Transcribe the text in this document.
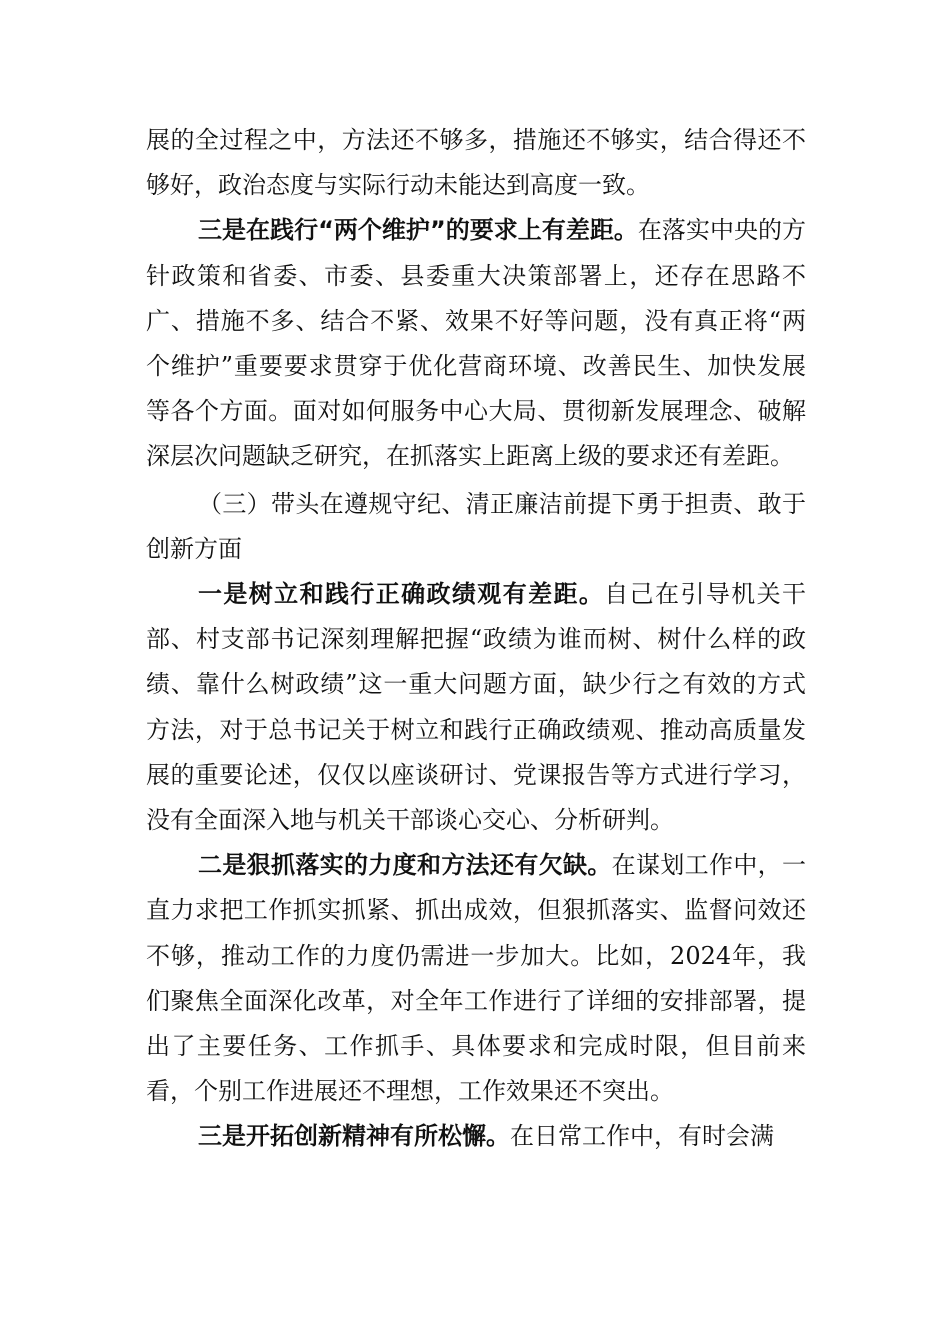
展的全过程之中，方法还不够多，措施还不够实，结合得还不够好，政治态度与实际行动未能达到高度一致。

三是在践行“两个维护”的要求上有差距。在落实中央的方针政策和省委、市委、县委重大决策部署上，还存在思路不广、措施不多、结合不紧、效果不好等问题，没有真正将“两个维护”重要要求贯穿于优化营商环境、改善民生、加快发展等各个方面。面对如何服务中心大局、贯彻新发展理念、破解深层次问题缺乏研究，在抓落实上距离上级的要求还有差距。

（三）带头在遵规守纪、清正廉洁前提下勇于担责、敢于创新方面

一是树立和践行正确政绩观有差距。自己在引导机关干部、村支部书记深刻理解把握“政绩为谁而树、树什么样的政绩、靠什么树政绩”这一重大问题方面，缺少行之有效的方式方法，对于总书记关于树立和践行正确政绩观、推动高质量发展的重要论述，仅仅以座谈研讨、党课报告等方式进行学习，没有全面深入地与机关干部谈心交心、分析研判。

二是狠抓落实的力度和方法还有欠缺。在谋划工作中，一直力求把工作抓实抓紧、抓出成效，但狠抓落实、监督问效还不够，推动工作的力度仍需进一步加大。比如，2024年，我们聚焦全面深化改革，对全年工作进行了详细的安排部署，提出了主要任务、工作抓手、具体要求和完成时限，但目前来看，个别工作进展还不理想，工作效果还不突出。

三是开拓创新精神有所松懈。在日常工作中，有时会满
